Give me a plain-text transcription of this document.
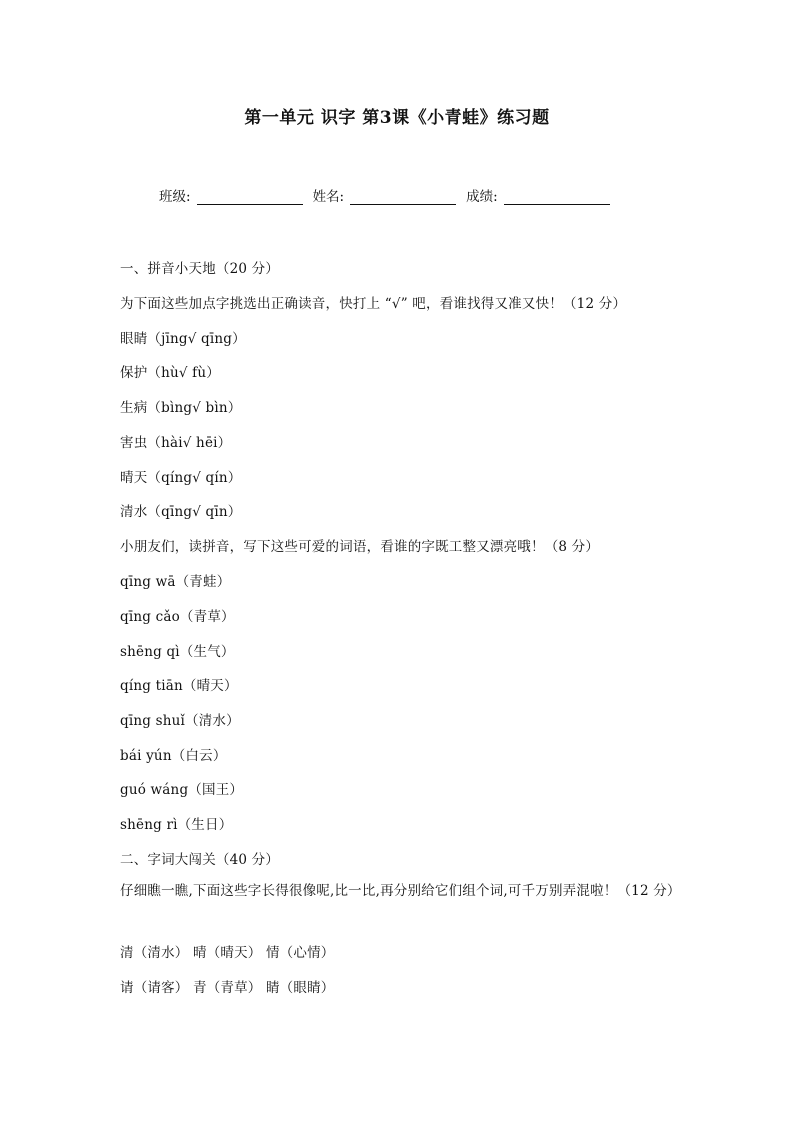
第一单元 识字 第3课《小青蛙》练习题
班级:	姓名:	成绩:
一、拼音小天地（20 分）
为下面这些加点字挑选出正确读音，快打上 “√” 吧，看谁找得又准又快！（12 分）
眼睛（jīng√ qīng）
保护（hù√ fù）
生病（bìng√ bìn）
害虫（hài√ hēi）
晴天（qíng√ qín）
清水（qīng√ qīn）
小朋友们，读拼音，写下这些可爱的词语，看谁的字既工整又漂亮哦！（8 分）
qīng wā（青蛙）
qīng cǎo（青草）
shēng qì（生气）
qíng tiān（晴天）
qīng shuǐ（清水）
bái yún（白云）
guó wáng（国王）
shēng rì（生日）
二、字词大闯关（40 分）
仔细瞧一瞧,下面这些字长得很像呢,比一比,再分别给它们组个词,可千万别弄混啦！（12 分）
清（清水） 晴（晴天） 情（心情）
请（请客） 青（青草） 睛（眼睛）
